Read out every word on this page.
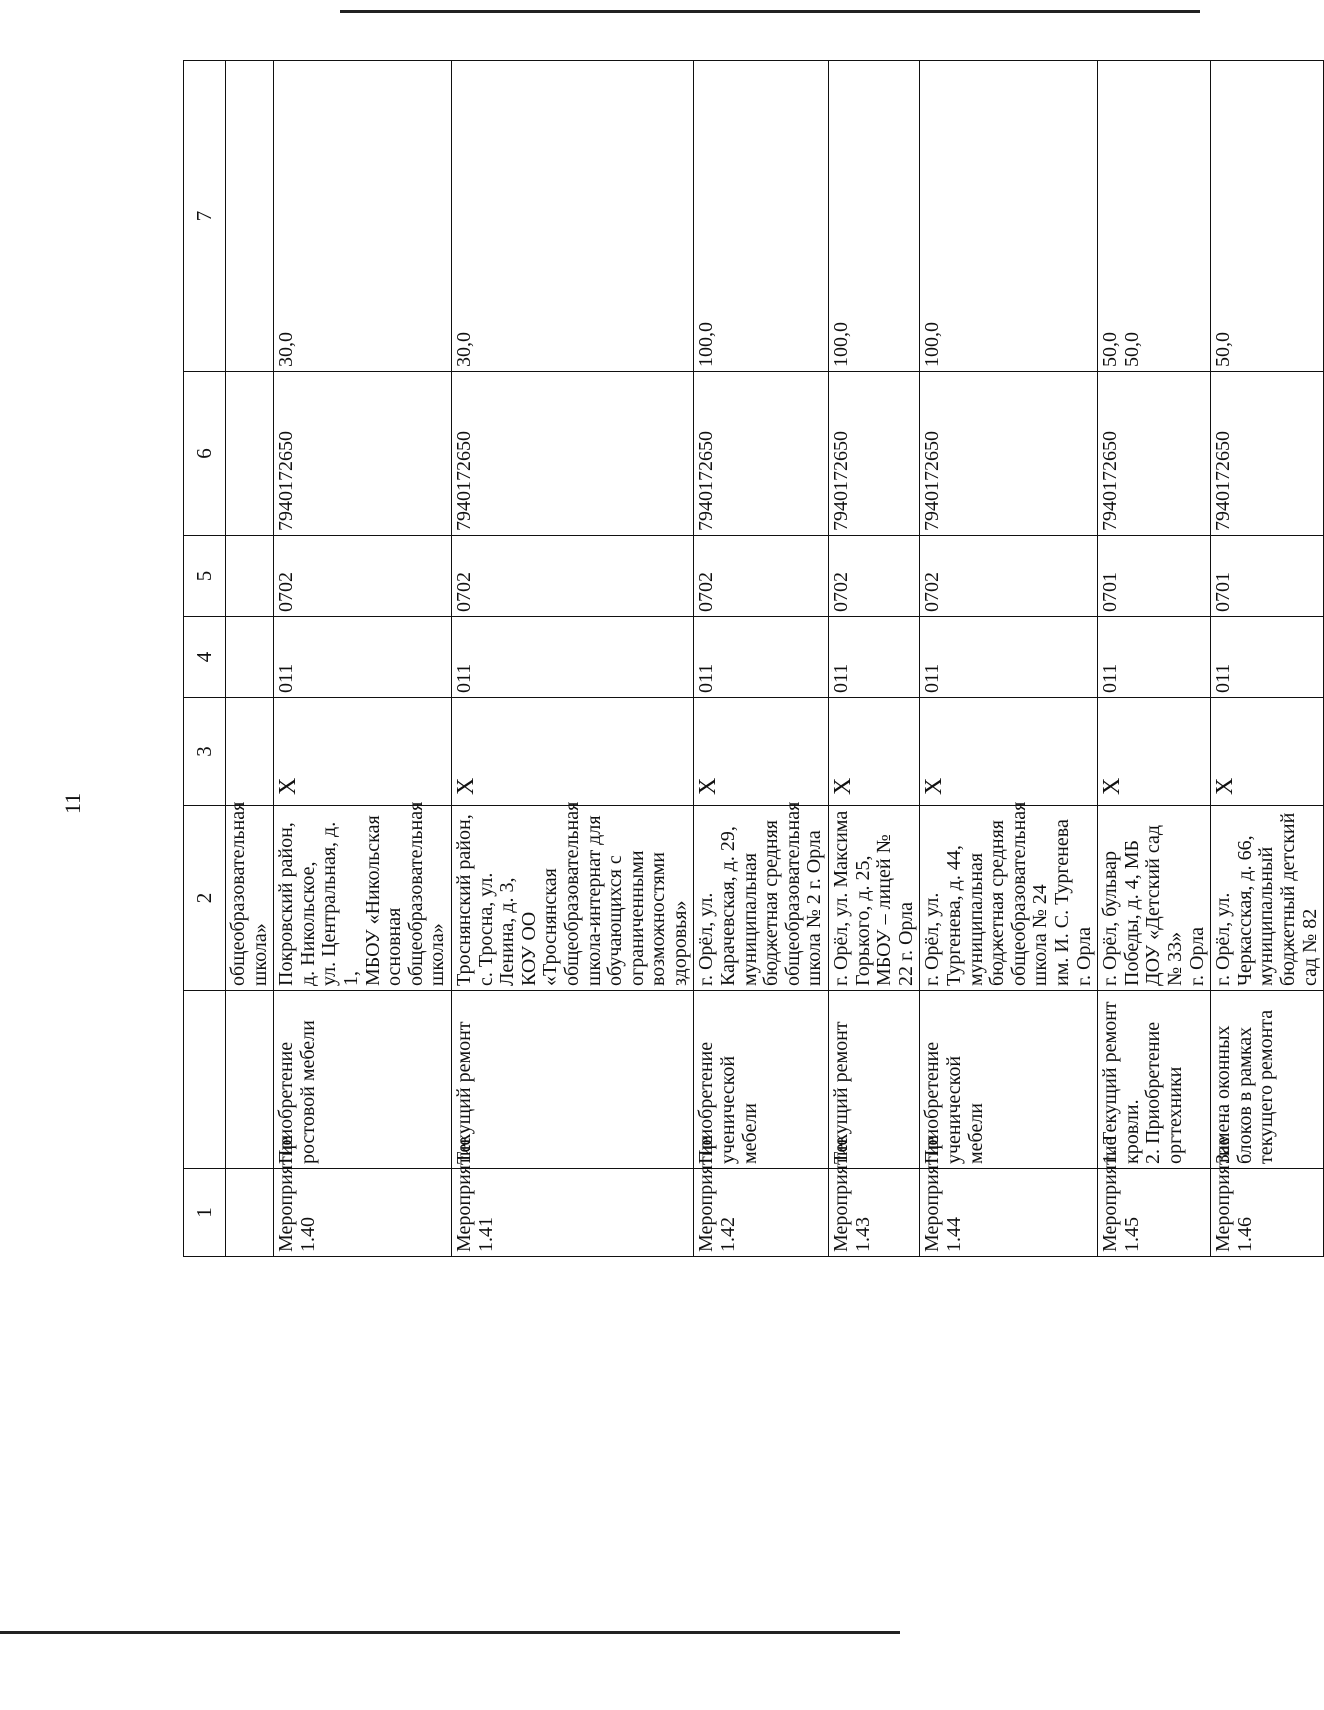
11
1		2	3	4	5	6	7
		общеобразовательная школа»					
Мероприятие
1.40	Приобретение ростовой мебели	Покровский район,
д. Никольское,
ул. Центральная, д. 1,
МБОУ «Никольская основная общеобразовательная школа»	Х	011	0702	7940172650	30,0
Мероприятие
1.41	Текущий ремонт	Троснянский район,
с. Тросна, ул. Ленина, д. 3,
КОУ ОО «Троснянская общеобразовательная школа-интернат для обучающихся с ограниченными возможностями здоровья»	Х	011	0702	7940172650	30,0
Мероприятие
1.42	Приобретение ученической мебели	г. Орёл, ул. Карачевская, д. 29, муниципальная бюджетная средняя общеобразовательная школа № 2 г. Орла	Х	011	0702	7940172650	100,0
Мероприятие
1.43	Текущий ремонт	г. Орёл, ул. Максима Горького, д. 25,
МБОУ – лицей № 22 г. Орла	Х	011	0702	7940172650	100,0
Мероприятие
1.44	Приобретение ученической мебели	г. Орёл, ул. Тургенева, д. 44, муниципальная бюджетная средняя общеобразовательная школа № 24
им. И. С. Тургенева г. Орла	Х	011	0702	7940172650	100,0
Мероприятие
1.45	1. Текущий ремонт кровли.
2. Приобретение оргтехники	г. Орёл, бульвар Победы, д. 4, МБ ДОУ «Детский сад № 33»
г. Орла	Х	011	0701	7940172650	50,0
50,0
Мероприятие
1.46	Замена оконных блоков в рамках текущего ремонта	г. Орёл, ул. Черкасская, д. 66, муниципальный бюджетный детский сад № 82	Х	011	0701	7940172650	50,0
